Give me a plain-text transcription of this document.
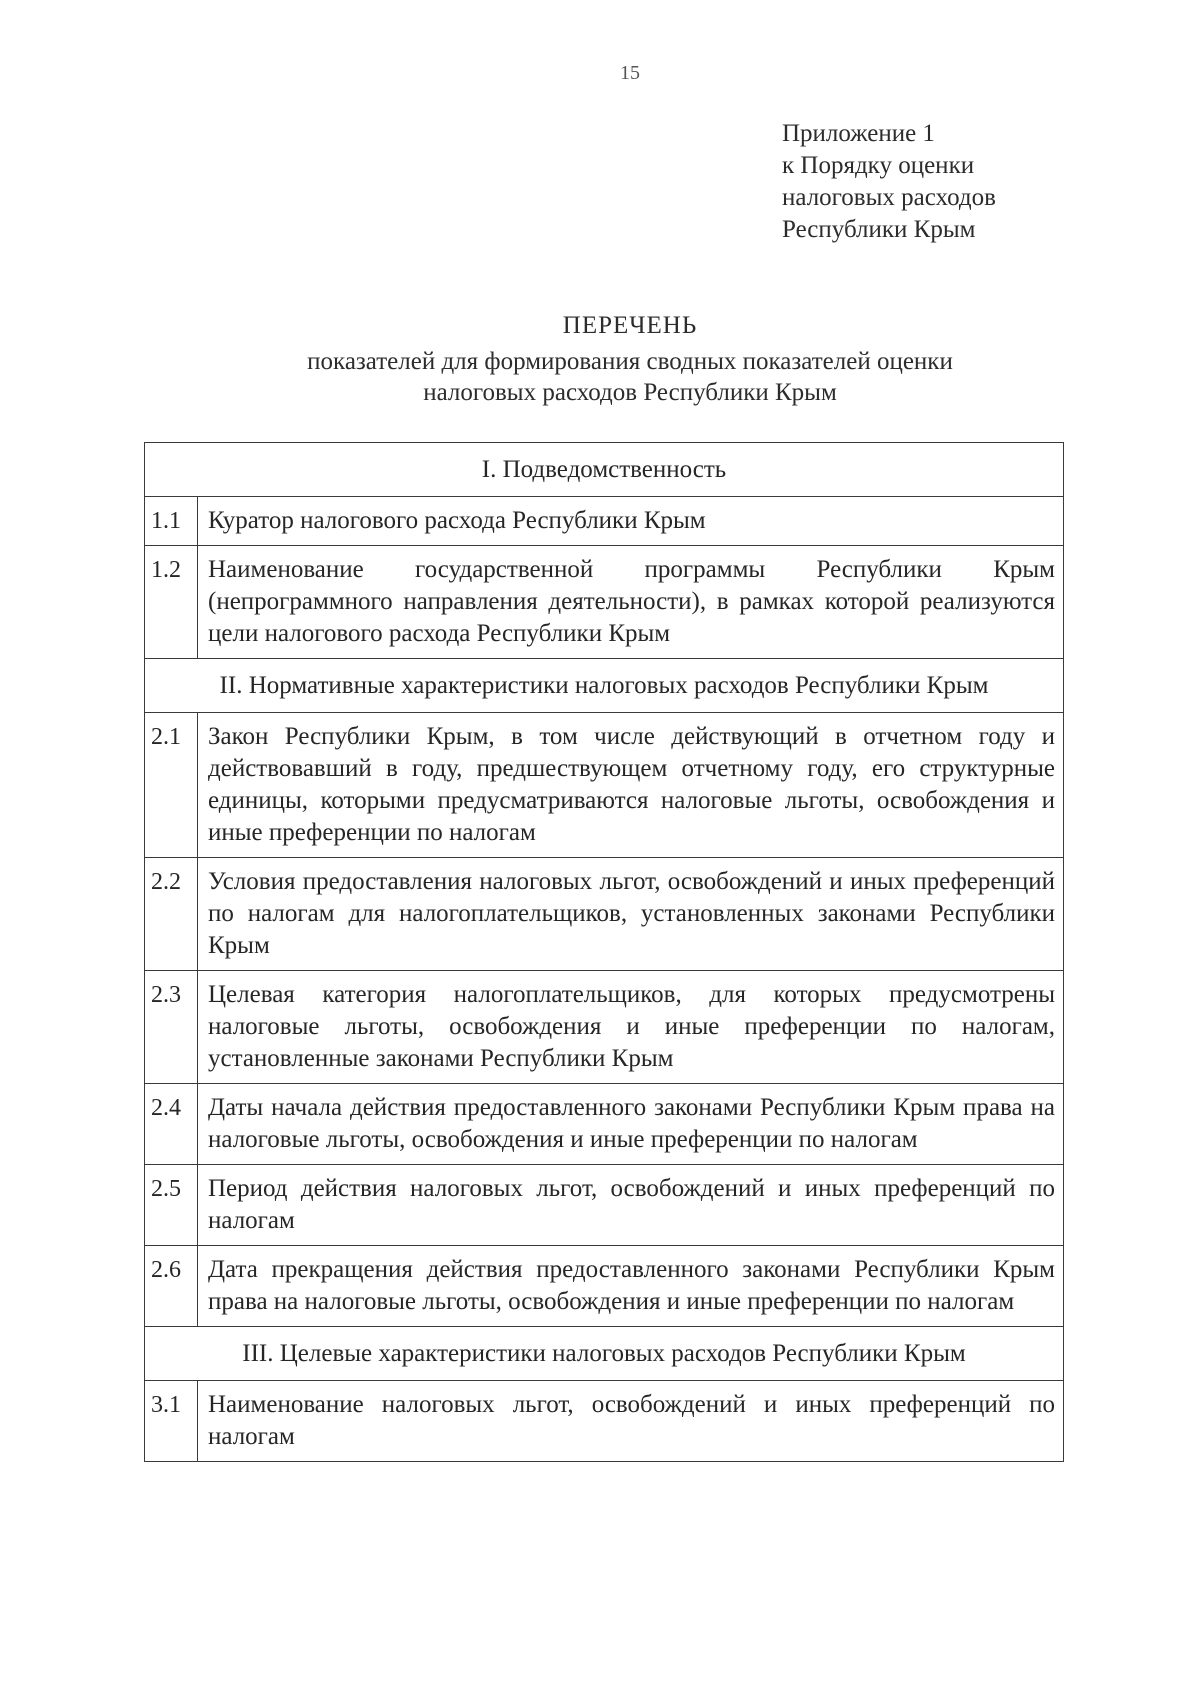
15
Приложение 1
к Порядку оценки
налоговых расходов
Республики Крым
ПЕРЕЧЕНЬ
показателей для формирования сводных показателей оценки
налоговых расходов Республики Крым
I. Подведомственность	
1.1	Куратор налогового расхода Республики Крым
1.2	Наименование государственной программы Республики Крым (непрограммного направления деятельности), в рамках которой реализуются цели налогового расхода Республики Крым
II. Нормативные характеристики налоговых расходов Республики Крым	
2.1	Закон Республики Крым, в том числе действующий в отчетном году и действовавший в году, предшествующем отчетному году, его структурные единицы, которыми предусматриваются налоговые льготы, освобождения и иные преференции по налогам
2.2	Условия предоставления налоговых льгот, освобождений и иных преференций по налогам для налогоплательщиков, установленных законами Республики Крым
2.3	Целевая категория налогоплательщиков, для которых предусмотрены налоговые льготы, освобождения и иные преференции по налогам, установленные законами Республики Крым
2.4	Даты начала действия предоставленного законами Республики Крым права на налоговые льготы, освобождения и иные преференции по налогам
2.5	Период действия налоговых льгот, освобождений и иных преференций по налогам
2.6	Дата прекращения действия предоставленного законами Республики Крым права на налоговые льготы, освобождения и иные преференции по налогам
III. Целевые характеристики налоговых расходов Республики Крым	
3.1	Наименование налоговых льгот, освобождений и иных преференций по налогам
